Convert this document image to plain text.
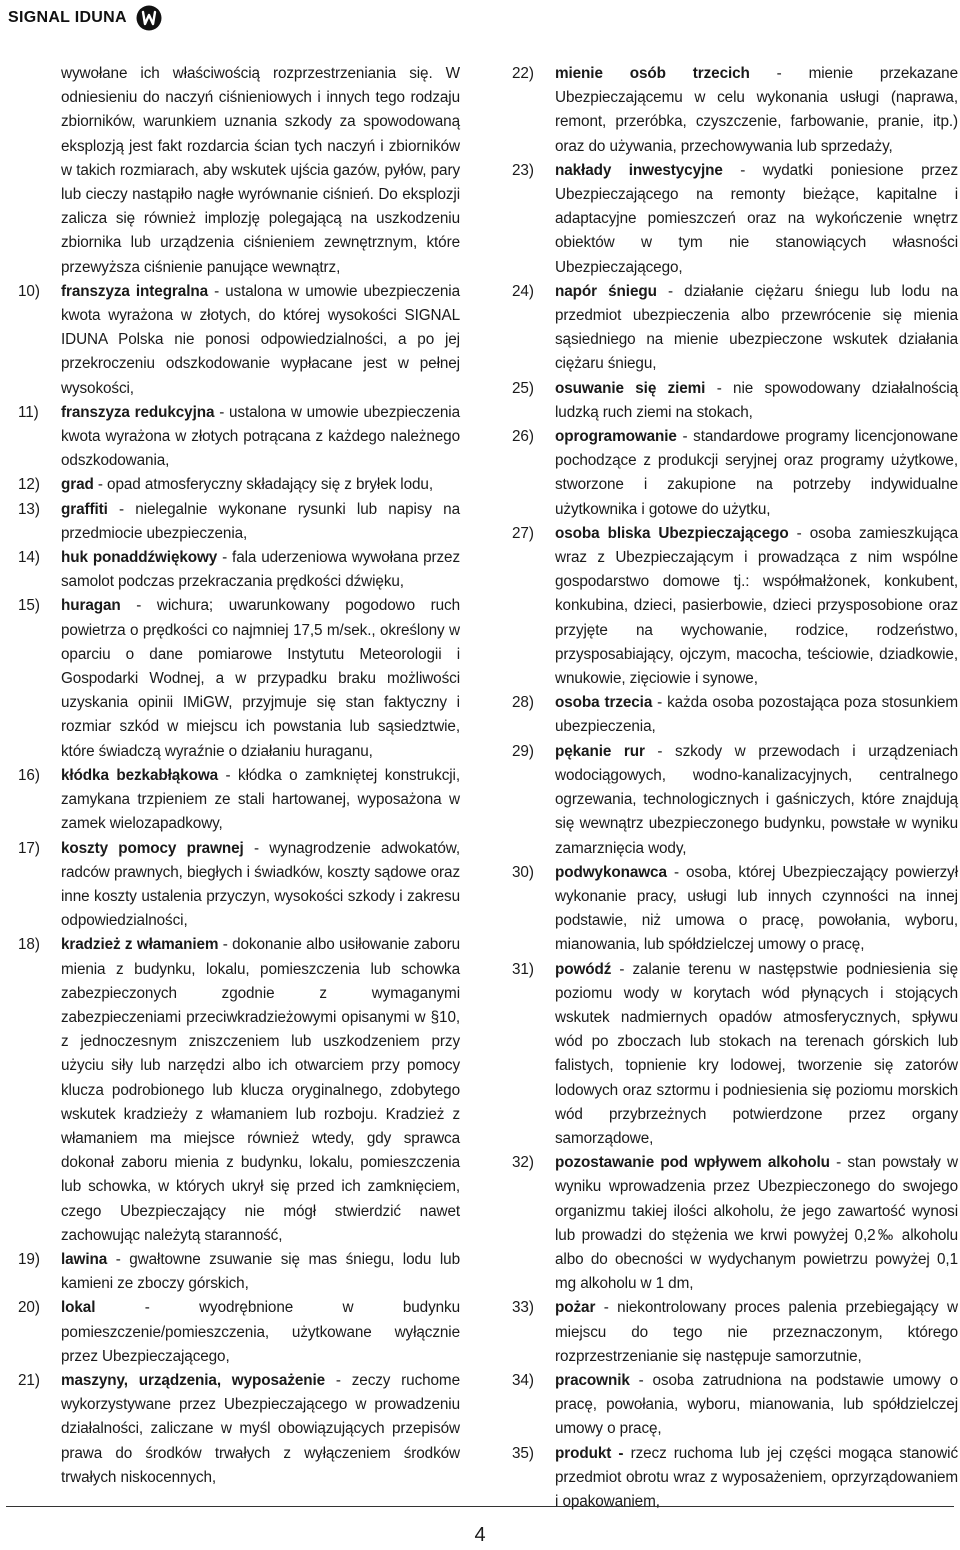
SIGNAL IDUNA

wywołane ich właściwością rozprzestrzeniania się. W odniesieniu do naczyń ciśnieniowych i innych tego rodzaju zbiorników, warunkiem uznania szkody za spowodowaną eksplozją jest fakt rozdarcia ścian tych naczyń i zbiorników w takich rozmiarach, aby wskutek ujścia gazów, pyłów, pary lub cieczy nastąpiło nagłe wyrównanie ciśnień. Do eksplozji zalicza się również implozję polegającą na uszkodzeniu zbiornika lub urządzenia ciśnieniem zewnętrznym, które przewyższa ciśnienie panujące wewnątrz,

10)	franszyza integralna - ustalona w umowie ubezpieczenia kwota wyrażona w złotych, do której wysokości SIGNAL IDUNA Polska nie ponosi odpowiedzialności, a po jej przekroczeniu odszkodowanie wypłacane jest w pełnej wysokości,
11)	franszyza redukcyjna - ustalona w umowie ubezpieczenia kwota wyrażona w złotych potrącana z każdego należnego odszkodowania,
12)	grad - opad atmosferyczny składający się z bryłek lodu,
13)	graffiti - nielegalnie wykonane rysunki lub napisy na przedmiocie ubezpieczenia,
14)	huk ponaddźwiękowy - fala uderzeniowa wywołana przez samolot podczas przekraczania prędkości dźwięku,
15)	huragan - wichura; uwarunkowany pogodowo ruch powietrza o prędkości co najmniej 17,5 m/sek., określony w oparciu o dane pomiarowe Instytutu Meteorologii i Gospodarki Wodnej, a w przypadku braku możliwości uzyskania opinii IMiGW, przyjmuje się stan faktyczny i rozmiar szkód w miejscu ich powstania lub sąsiedztwie, które świadczą wyraźnie o działaniu huraganu,
16)	kłódka bezkabłąkowa - kłódka o zamkniętej konstrukcji, zamykana trzpieniem ze stali hartowanej, wyposażona w zamek wielozapadkowy,
17)	koszty pomocy prawnej - wynagrodzenie adwokatów, radców prawnych, biegłych i świadków, koszty sądowe oraz inne koszty ustalenia przyczyn, wysokości szkody i zakresu odpowiedzialności,
18)	kradzież z włamaniem - dokonanie albo usiłowanie zaboru mienia z budynku, lokalu, pomieszczenia lub schowka zabezpieczonych zgodnie z wymaganymi zabezpieczeniami przeciwkradzieżowymi opisanymi w §10, z jednoczesnym zniszczeniem lub uszkodzeniem przy użyciu siły lub narzędzi albo ich otwarciem przy pomocy klucza podrobionego lub klucza oryginalnego, zdobytego wskutek kradzieży z włamaniem lub rozboju. Kradzież z włamaniem ma miejsce również wtedy, gdy sprawca dokonał zaboru mienia z budynku, lokalu, pomieszczenia lub schowka, w których ukrył się przed ich zamknięciem, czego Ubezpieczający nie mógł stwierdzić nawet zachowując należytą staranność,
19)	lawina - gwałtowne zsuwanie się mas śniegu, lodu lub kamieni ze zboczy górskich,
20)	lokal - wyodrębnione w budynku pomieszczenie/pomieszczenia, użytkowane wyłącznie przez Ubezpieczającego,
21)	maszyny, urządzenia, wyposażenie - zeczy ruchome wykorzystywane przez Ubezpieczającego w prowadzeniu działalności, zaliczane w myśl obowiązujących przepisów prawa do środków trwałych z wyłączeniem środków trwałych niskocennych,
22)	mienie osób trzecich - mienie przekazane Ubezpieczającemu w celu wykonania usługi (naprawa, remont, przeróbka, czyszczenie, farbowanie, pranie, itp.) oraz do używania, przechowywania lub sprzedaży,
23)	nakłady inwestycyjne - wydatki poniesione przez Ubezpieczającego na remonty bieżące, kapitalne i adaptacyjne pomieszczeń oraz na wykończenie wnętrz obiektów w tym nie stanowiących własności Ubezpieczającego,
24)	napór śniegu - działanie ciężaru śniegu lub lodu na przedmiot ubezpieczenia albo przewrócenie się mienia sąsiedniego na mienie ubezpieczone wskutek działania ciężaru śniegu,
25)	osuwanie się ziemi - nie spowodowany działalnością ludzką ruch ziemi na stokach,
26)	oprogramowanie - standardowe programy licencjonowane pochodzące z produkcji seryjnej oraz programy użytkowe, stworzone i zakupione na potrzeby indywidualne użytkownika i gotowe do użytku,
27)	osoba bliska Ubezpieczającego - osoba zamieszkująca wraz z Ubezpieczającym i prowadząca z nim wspólne gospodarstwo domowe tj.: współmałżonek, konkubent, konkubina, dzieci, pasierbowie, dzieci przysposobione oraz przyjęte na wychowanie, rodzice, rodzeństwo, przysposabiający, ojczym, macocha, teściowie, dziadkowie, wnukowie, zięciowie i synowe,
28)	osoba trzecia - każda osoba pozostająca poza stosunkiem ubezpieczenia,
29)	pękanie rur - szkody w przewodach i urządzeniach wodociągowych, wodno-kanalizacyjnych, centralnego ogrzewania, technologicznych i gaśniczych, które znajdują się wewnątrz ubezpieczonego budynku, powstałe w wyniku zamarznięcia wody,
30)	podwykonawca - osoba, której Ubezpieczający powierzył wykonanie pracy, usługi lub innych czynności na innej podstawie, niż umowa o pracę, powołania, wyboru, mianowania, lub spółdzielczej umowy o pracę,
31)	powódź - zalanie terenu w następstwie podniesienia się poziomu wody w korytach wód płynących i stojących wskutek nadmiernych opadów atmosferycznych, spływu wód po zboczach lub stokach na terenach górskich lub falistych, topnienie kry lodowej, tworzenie się zatorów lodowych oraz sztormu i podniesienia się poziomu morskich wód przybrzeżnych potwierdzone przez organy samorządowe,
32)	pozostawanie pod wpływem alkoholu - stan powstały w wyniku wprowadzenia przez Ubezpieczonego do swojego organizmu takiej ilości alkoholu, że jego zawartość wynosi lub prowadzi do stężenia we krwi powyżej 0,2‰ alkoholu albo do obecności w wydychanym powietrzu powyżej 0,1 mg alkoholu w 1 dm,
33)	pożar - niekontrolowany proces palenia przebiegający w miejscu do tego nie przeznaczonym, którego rozprzestrzenianie się następuje samorzutnie,
34)	pracownik - osoba zatrudniona na podstawie umowy o pracę, powołania, wyboru, mianowania, lub spółdzielczej umowy o pracę,
35)	produkt - rzecz ruchoma lub jej części mogąca stanowić przedmiot obrotu wraz z wyposażeniem, oprzyrządowaniem i opakowaniem,
4
